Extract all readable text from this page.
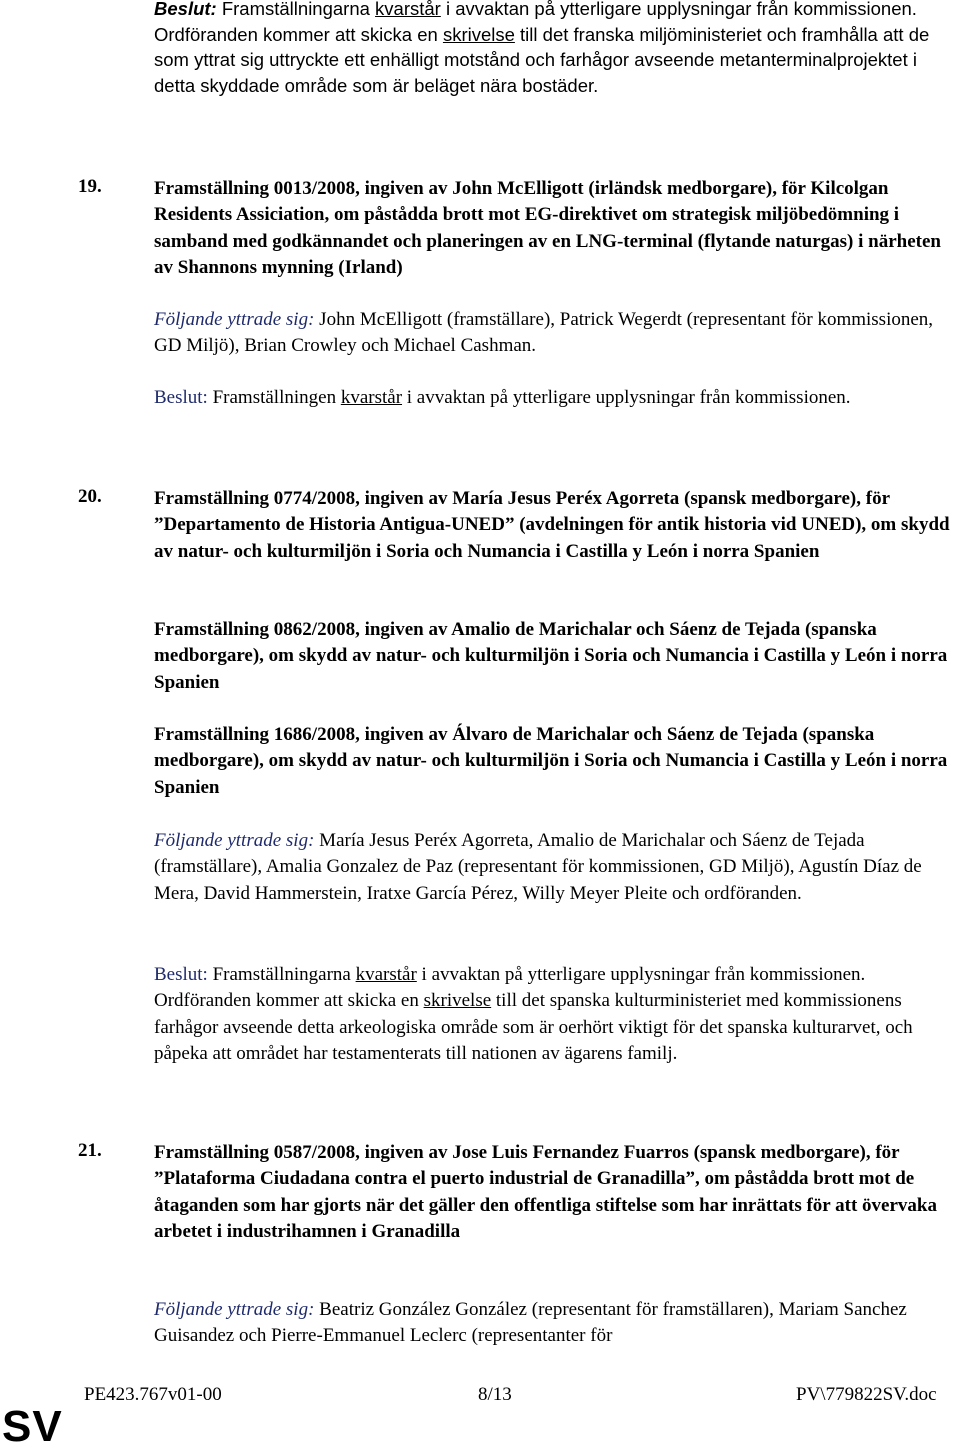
Beslut: Framställningarna kvarstår i avvaktan på ytterligare upplysningar från kommissionen. Ordföranden kommer att skicka en skrivelse till det franska miljöministeriet och framhålla att de som yttrat sig uttryckte ett enhälligt motstånd och farhågor avseende metanterminalprojektet i detta skyddade område som är beläget nära bostäder.

19.	Framställning 0013/2008, ingiven av John McElligott (irländsk medborgare), för Kilcolgan Residents Assiciation, om påstådda brott mot EG-direktivet om strategisk miljöbedömning i samband med godkännandet och planeringen av en LNG-terminal (flytande naturgas) i närheten av Shannons mynning (Irland)

Följande yttrade sig: John McElligott (framställare), Patrick Wegerdt (representant för kommissionen, GD Miljö), Brian Crowley och Michael Cashman.

Beslut: Framställningen kvarstår i avvaktan på ytterligare upplysningar från kommissionen.

20.	Framställning 0774/2008, ingiven av María Jesus Peréx Agorreta (spansk medborgare), för ”Departamento de Historia Antigua-UNED” (avdelningen för antik historia vid UNED), om skydd av natur- och kulturmiljön i Soria och Numancia i Castilla y León i norra Spanien

Framställning 0862/2008, ingiven av Amalio de Marichalar och Sáenz de Tejada (spanska medborgare), om skydd av natur- och kulturmiljön i Soria och Numancia i Castilla y León i norra Spanien

Framställning 1686/2008, ingiven av Álvaro de Marichalar och Sáenz de Tejada (spanska medborgare), om skydd av natur- och kulturmiljön i Soria och Numancia i Castilla y León i norra Spanien

Följande yttrade sig: María Jesus Peréx Agorreta, Amalio de Marichalar och Sáenz de Tejada (framställare), Amalia Gonzalez de Paz (representant för kommissionen, GD Miljö), Agustín Díaz de Mera, David Hammerstein, Iratxe García Pérez, Willy Meyer Pleite och ordföranden.

Beslut: Framställningarna kvarstår i avvaktan på ytterligare upplysningar från kommissionen. Ordföranden kommer att skicka en skrivelse till det spanska kulturministeriet med kommissionens farhågor avseende detta arkeologiska område som är oerhört viktigt för det spanska kulturarvet, och påpeka att området har testamenterats till nationen av ägarens familj.

21.	Framställning 0587/2008, ingiven av Jose Luis Fernandez Fuarros (spansk medborgare), för ”Plataforma Ciudadana contra el puerto industrial de Granadilla”, om påstådda brott mot de åtaganden som har gjorts när det gäller den offentliga stiftelse som har inrättats för att övervaka arbetet i industrihamnen i Granadilla

Följande yttrade sig: Beatriz González González (representant för framställaren), Mariam Sanchez Guisandez och Pierre-Emmanuel Leclerc (representanter för

PE423.767v01-00	8/13	PV\779822SV.doc
SV
